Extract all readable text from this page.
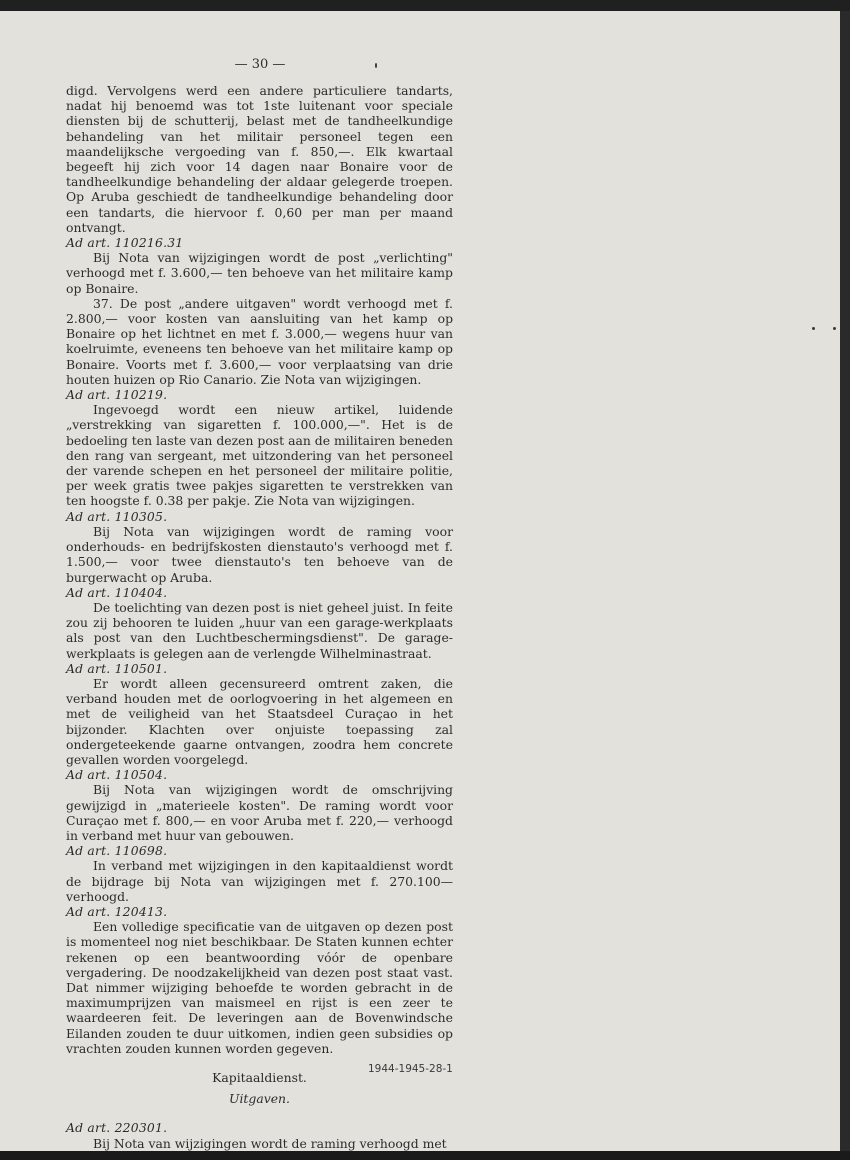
— 30 —

digd. Vervolgens werd een andere particuliere tandarts, nadat hij benoemd was tot 1ste luitenant voor speciale diensten bij de schutterij, belast met de tandheelkundige behandeling van het militair personeel tegen een maandelijksche vergoeding van f. 850,—. Elk kwartaal begeeft hij zich voor 14 dagen naar Bonaire voor de tandheelkundige behandeling der aldaar gelegerde troepen. Op Aruba geschiedt de tandheelkundige behandeling door een tandarts, die hiervoor f. 0,60 per man per maand ontvangt.

Ad art. 110216.31

Bij Nota van wijzigingen wordt de post „verlichting" verhoogd met f. 3.600,— ten behoeve van het militaire kamp op Bonaire.

37. De post „andere uitgaven" wordt verhoogd met f. 2.800,— voor kosten van aansluiting van het kamp op Bonaire op het lichtnet en met f. 3.000,— wegens huur van koelruimte, eveneens ten behoeve van het militaire kamp op Bonaire. Voorts met f. 3.600,— voor verplaatsing van drie houten huizen op Rio Canario. Zie Nota van wijzigingen.

Ad art. 110219.

Ingevoegd wordt een nieuw artikel, luidende „verstrekking van sigaretten f. 100.000,—". Het is de bedoeling ten laste van dezen post aan de militairen beneden den rang van sergeant, met uitzondering van het personeel der varende schepen en het personeel der militaire politie, per week gratis twee pakjes sigaretten te verstrekken van ten hoogste f. 0.38 per pakje. Zie Nota van wijzigingen.

Ad art. 110305.

Bij Nota van wijzigingen wordt de raming voor onderhouds- en bedrijfskosten dienstauto's verhoogd met f. 1.500,— voor twee dienstauto's ten behoeve van de burgerwacht op Aruba.

Ad art. 110404.

De toelichting van dezen post is niet geheel juist. In feite zou zij behooren te luiden „huur van een garage-werkplaats als post van den Luchtbeschermingsdienst". De garage-werkplaats is gelegen aan de verlengde Wilhelminastraat.

Ad art. 110501.

Er wordt alleen gecensureerd omtrent zaken, die verband houden met de oorlogvoering in het algemeen en met de veiligheid van het Staatsdeel Curaçao in het bijzonder. Klachten over onjuiste toepassing zal ondergeteekende gaarne ontvangen, zoodra hem concrete gevallen worden voorgelegd.

Ad art. 110504.

Bij Nota van wijzigingen wordt de omschrijving gewijzigd in „materieele kosten". De raming wordt voor Curaçao met f. 800,— en voor Aruba met f. 220,— verhoogd in verband met huur van gebouwen.

Ad art. 110698.

In verband met wijzigingen in den kapitaaldienst wordt de bijdrage bij Nota van wijzigingen met f. 270.100— verhoogd.

Ad art. 120413.

Een volledige specificatie van de uitgaven op dezen post is momenteel nog niet beschikbaar. De Staten kunnen echter rekenen op een beantwoording vóór de openbare vergadering. De noodzakelijkheid van dezen post staat vast. Dat nimmer wijziging behoefde te worden gebracht in de maximumprijzen van maismeel en rijst is een zeer te waardeeren feit. De leveringen aan de Bovenwindsche Eilanden zouden te duur uitkomen, indien geen subsidies op vrachten zouden kunnen worden gegeven.

Kapitaaldienst.

Uitgaven.

Ad art. 220301.

Bij Nota van wijzigingen wordt de raming verhoogd met

1944-1945-28-1
